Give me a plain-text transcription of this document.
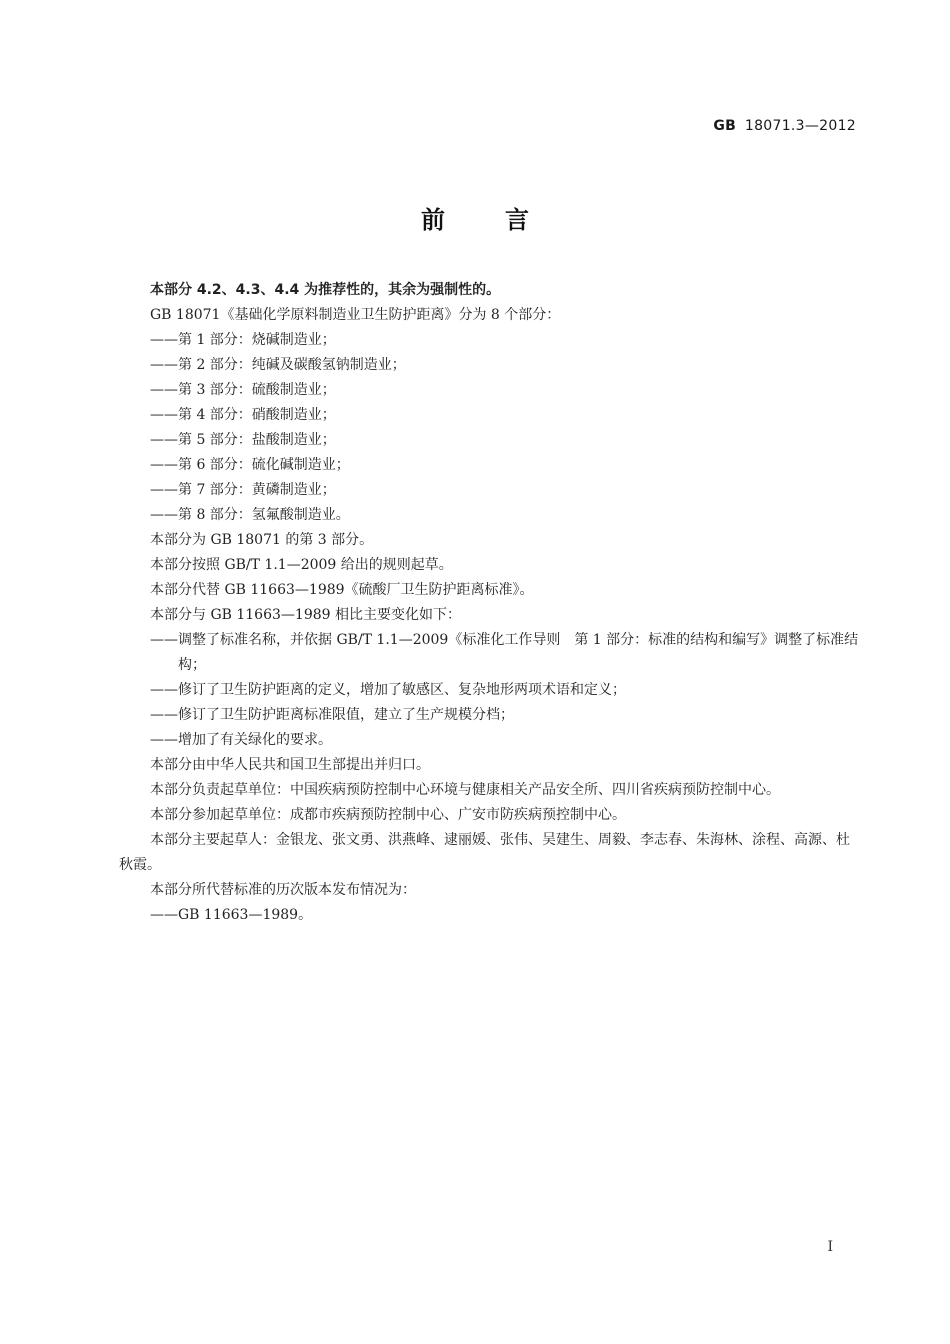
GB 18071.3—2012
前言

本部分 4.2、4.3、4.4 为推荐性的，其余为强制性的。

GB 18071《基础化学原料制造业卫生防护距离》分为 8 个部分：

——第 1 部分：烧碱制造业；

——第 2 部分：纯碱及碳酸氢钠制造业；

——第 3 部分：硫酸制造业；

——第 4 部分：硝酸制造业；

——第 5 部分：盐酸制造业；

——第 6 部分：硫化碱制造业；

——第 7 部分：黄磷制造业；

——第 8 部分：氢氟酸制造业。

本部分为 GB 18071 的第 3 部分。

本部分按照 GB/T 1.1—2009 给出的规则起草。

本部分代替 GB 11663—1989《硫酸厂卫生防护距离标准》。

本部分与 GB 11663—1989 相比主要变化如下：

——调整了标准名称，并依据 GB/T 1.1—2009《标准化工作导则　第 1 部分：标准的结构和编写》调整了标准结构；

——修订了卫生防护距离的定义，增加了敏感区、复杂地形两项术语和定义；

——修订了卫生防护距离标准限值，建立了生产规模分档；

——增加了有关绿化的要求。

本部分由中华人民共和国卫生部提出并归口。

本部分负责起草单位：中国疾病预防控制中心环境与健康相关产品安全所、四川省疾病预防控制中心。

本部分参加起草单位：成都市疾病预防控制中心、广安市防疾病预控制中心。

本部分主要起草人：金银龙、张文勇、洪燕峰、逮丽媛、张伟、吴建生、周毅、李志春、朱海林、涂程、高源、杜秋霞。

本部分所代替标准的历次版本发布情况为：

——GB 11663—1989。

I
